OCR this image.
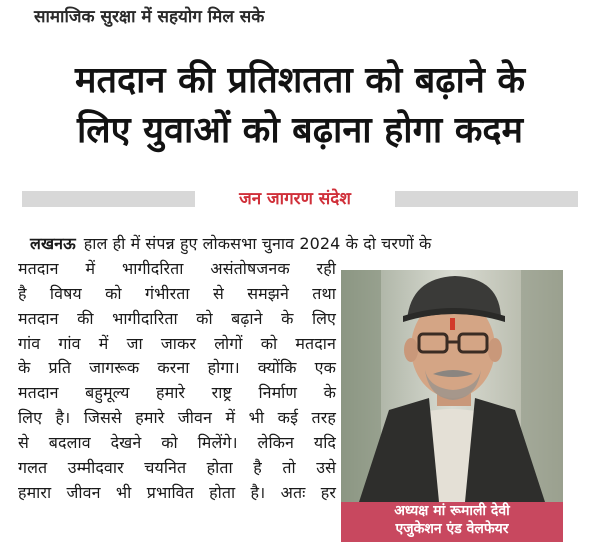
सामाजिक सुरक्षा में सहयोग मिल सके
मतदान की प्रतिशतता को बढ़ाने के
लिए युवाओं को बढ़ाना होगा कदम
जन जागरण संदेश
लखनऊ हाल ही में संपन्न हुए लोकसभा चुनाव 2024 के दो चरणों के
मतदान में भागीदरिता असंतोषजनक रही
है विषय को गंभीरता से समझने तथा
मतदान की भागीदारिता को बढ़ाने के लिए
गांव गांव में जा जाकर लोगों को मतदान
के प्रति जागरूक करना होगा। क्योंकि एक
मतदान बहुमूल्य हमारे राष्ट्र निर्माण के
लिए है। जिससे हमारे जीवन में भी कई तरह
से बदलाव देखने को मिलेंगे। लेकिन यदि
गलत उम्मीदवार चयनित होता है तो उसे
हमारा जीवन भी प्रभावित होता है। अतः हर
अध्यक्ष मां रूमाली देवी
एजुकेशन एंड वेलफेयर
